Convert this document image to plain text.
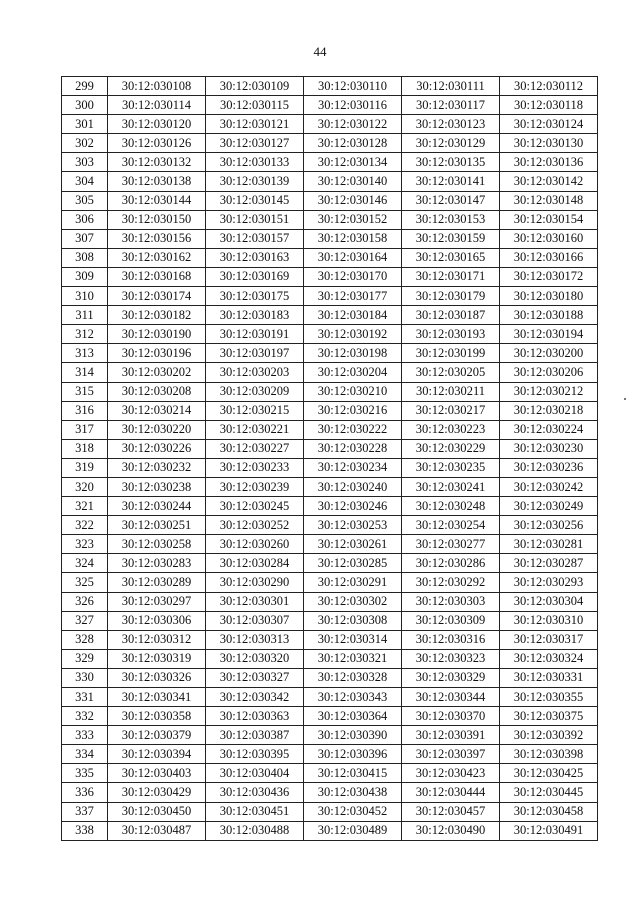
44
299	30:12:030108	30:12:030109	30:12:030110	30:12:030111	30:12:030112
300	30:12:030114	30:12:030115	30:12:030116	30:12:030117	30:12:030118
301	30:12:030120	30:12:030121	30:12:030122	30:12:030123	30:12:030124
302	30:12:030126	30:12:030127	30:12:030128	30:12:030129	30:12:030130
303	30:12:030132	30:12:030133	30:12:030134	30:12:030135	30:12:030136
304	30:12:030138	30:12:030139	30:12:030140	30:12:030141	30:12:030142
305	30:12:030144	30:12:030145	30:12:030146	30:12:030147	30:12:030148
306	30:12:030150	30:12:030151	30:12:030152	30:12:030153	30:12:030154
307	30:12:030156	30:12:030157	30:12:030158	30:12:030159	30:12:030160
308	30:12:030162	30:12:030163	30:12:030164	30:12:030165	30:12:030166
309	30:12:030168	30:12:030169	30:12:030170	30:12:030171	30:12:030172
310	30:12:030174	30:12:030175	30:12:030177	30:12:030179	30:12:030180
311	30:12:030182	30:12:030183	30:12:030184	30:12:030187	30:12:030188
312	30:12:030190	30:12:030191	30:12:030192	30:12:030193	30:12:030194
313	30:12:030196	30:12:030197	30:12:030198	30:12:030199	30:12:030200
314	30:12:030202	30:12:030203	30:12:030204	30:12:030205	30:12:030206
315	30:12:030208	30:12:030209	30:12:030210	30:12:030211	30:12:030212
316	30:12:030214	30:12:030215	30:12:030216	30:12:030217	30:12:030218
317	30:12:030220	30:12:030221	30:12:030222	30:12:030223	30:12:030224
318	30:12:030226	30:12:030227	30:12:030228	30:12:030229	30:12:030230
319	30:12:030232	30:12:030233	30:12:030234	30:12:030235	30:12:030236
320	30:12:030238	30:12:030239	30:12:030240	30:12:030241	30:12:030242
321	30:12:030244	30:12:030245	30:12:030246	30:12:030248	30:12:030249
322	30:12:030251	30:12:030252	30:12:030253	30:12:030254	30:12:030256
323	30:12:030258	30:12:030260	30:12:030261	30:12:030277	30:12:030281
324	30:12:030283	30:12:030284	30:12:030285	30:12:030286	30:12:030287
325	30:12:030289	30:12:030290	30:12:030291	30:12:030292	30:12:030293
326	30:12:030297	30:12:030301	30:12:030302	30:12:030303	30:12:030304
327	30:12:030306	30:12:030307	30:12:030308	30:12:030309	30:12:030310
328	30:12:030312	30:12:030313	30:12:030314	30:12:030316	30:12:030317
329	30:12:030319	30:12:030320	30:12:030321	30:12:030323	30:12:030324
330	30:12:030326	30:12:030327	30:12:030328	30:12:030329	30:12:030331
331	30:12:030341	30:12:030342	30:12:030343	30:12:030344	30:12:030355
332	30:12:030358	30:12:030363	30:12:030364	30:12:030370	30:12:030375
333	30:12:030379	30:12:030387	30:12:030390	30:12:030391	30:12:030392
334	30:12:030394	30:12:030395	30:12:030396	30:12:030397	30:12:030398
335	30:12:030403	30:12:030404	30:12:030415	30:12:030423	30:12:030425
336	30:12:030429	30:12:030436	30:12:030438	30:12:030444	30:12:030445
337	30:12:030450	30:12:030451	30:12:030452	30:12:030457	30:12:030458
338	30:12:030487	30:12:030488	30:12:030489	30:12:030490	30:12:030491
